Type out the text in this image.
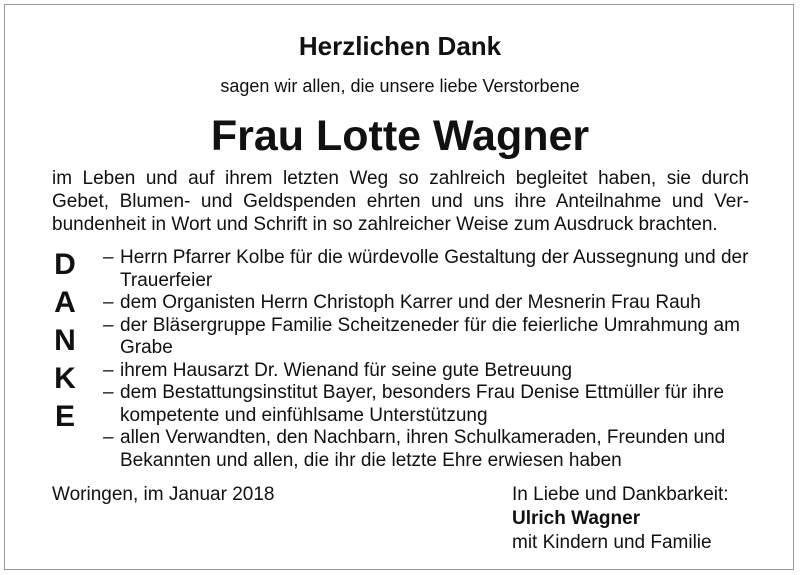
Herzlichen Dank
sagen wir allen, die unsere liebe Verstorbene
Frau Lotte Wagner
im Leben und auf ihrem letzten Weg so zahlreich begleitet haben, sie durch
Gebet, Blumen- und Geldspenden ehrten und uns ihre Anteilnahme und Ver-
bundenheit in Wort und Schrift in so zahlreicher Weise zum Ausdruck brachten.
D
A
N
K
E
– Herrn Pfarrer Kolbe für die würdevolle Gestaltung der Aussegnung und der Trauerfeier
– dem Organisten Herrn Christoph Karrer und der Mesnerin Frau Rauh
– der Bläsergruppe Familie Scheitzeneder für die feierliche Umrahmung am Grabe
– ihrem Hausarzt Dr. Wienand für seine gute Betreuung
– dem Bestattungsinstitut Bayer, besonders Frau Denise Ettmüller für ihre kompetente und einfühlsame Unterstützung
– allen Verwandten, den Nachbarn, ihren Schulkameraden, Freunden und Bekannten und allen, die ihr die letzte Ehre erwiesen haben
Woringen, im Januar 2018	In Liebe und Dankbarkeit:
Ulrich Wagner
mit Kindern und Familie
